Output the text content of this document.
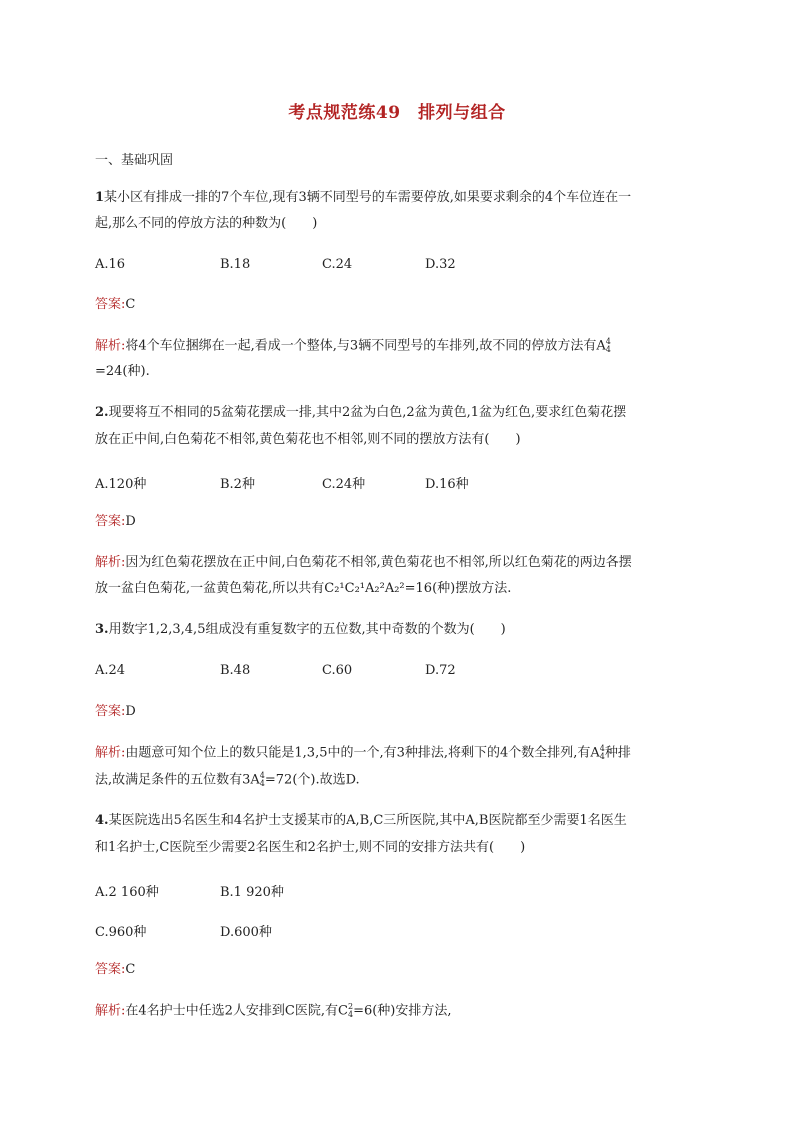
考点规范练49　排列与组合
一、基础巩固
1某小区有排成一排的7个车位,现有3辆不同型号的车需要停放,如果要求剩余的4个车位连在一
起,那么不同的停放方法的种数为(　　)
A.16	B.18	C.24	D.32
答案:C
解析:将4个车位捆绑在一起,看成一个整体,与3辆不同型号的车排列,故不同的停放方法有A4
4
=24(种).
2.现要将互不相同的5盆菊花摆成一排,其中2盆为白色,2盆为黄色,1盆为红色,要求红色菊花摆
放在正中间,白色菊花不相邻,黄色菊花也不相邻,则不同的摆放方法有(　　)
A.120种	B.2种	C.24种	D.16种
答案:D
解析:因为红色菊花摆放在正中间,白色菊花不相邻,黄色菊花也不相邻,所以红色菊花的两边各摆
放一盆白色菊花,一盆黄色菊花,所以共有C₂¹C₂¹A₂²A₂²=16(种)摆放方法.
3.用数字1,2,3,4,5组成没有重复数字的五位数,其中奇数的个数为(　　)
A.24	B.48	C.60	D.72
答案:D
解析:由题意可知个位上的数只能是1,3,5中的一个,有3种排法,将剩下的4个数全排列,有A4
4种排
法,故满足条件的五位数有3A4
4=72(个).故选D.
4.某医院选出5名医生和4名护士支援某市的A,B,C三所医院,其中A,B医院都至少需要1名医生
和1名护士,C医院至少需要2名医生和2名护士,则不同的安排方法共有(　　)
A.2 160种	B.1 920种
C.960种	D.600种
答案:C
解析:在4名护士中任选2人安排到C医院,有C2
4=6(种)安排方法,
